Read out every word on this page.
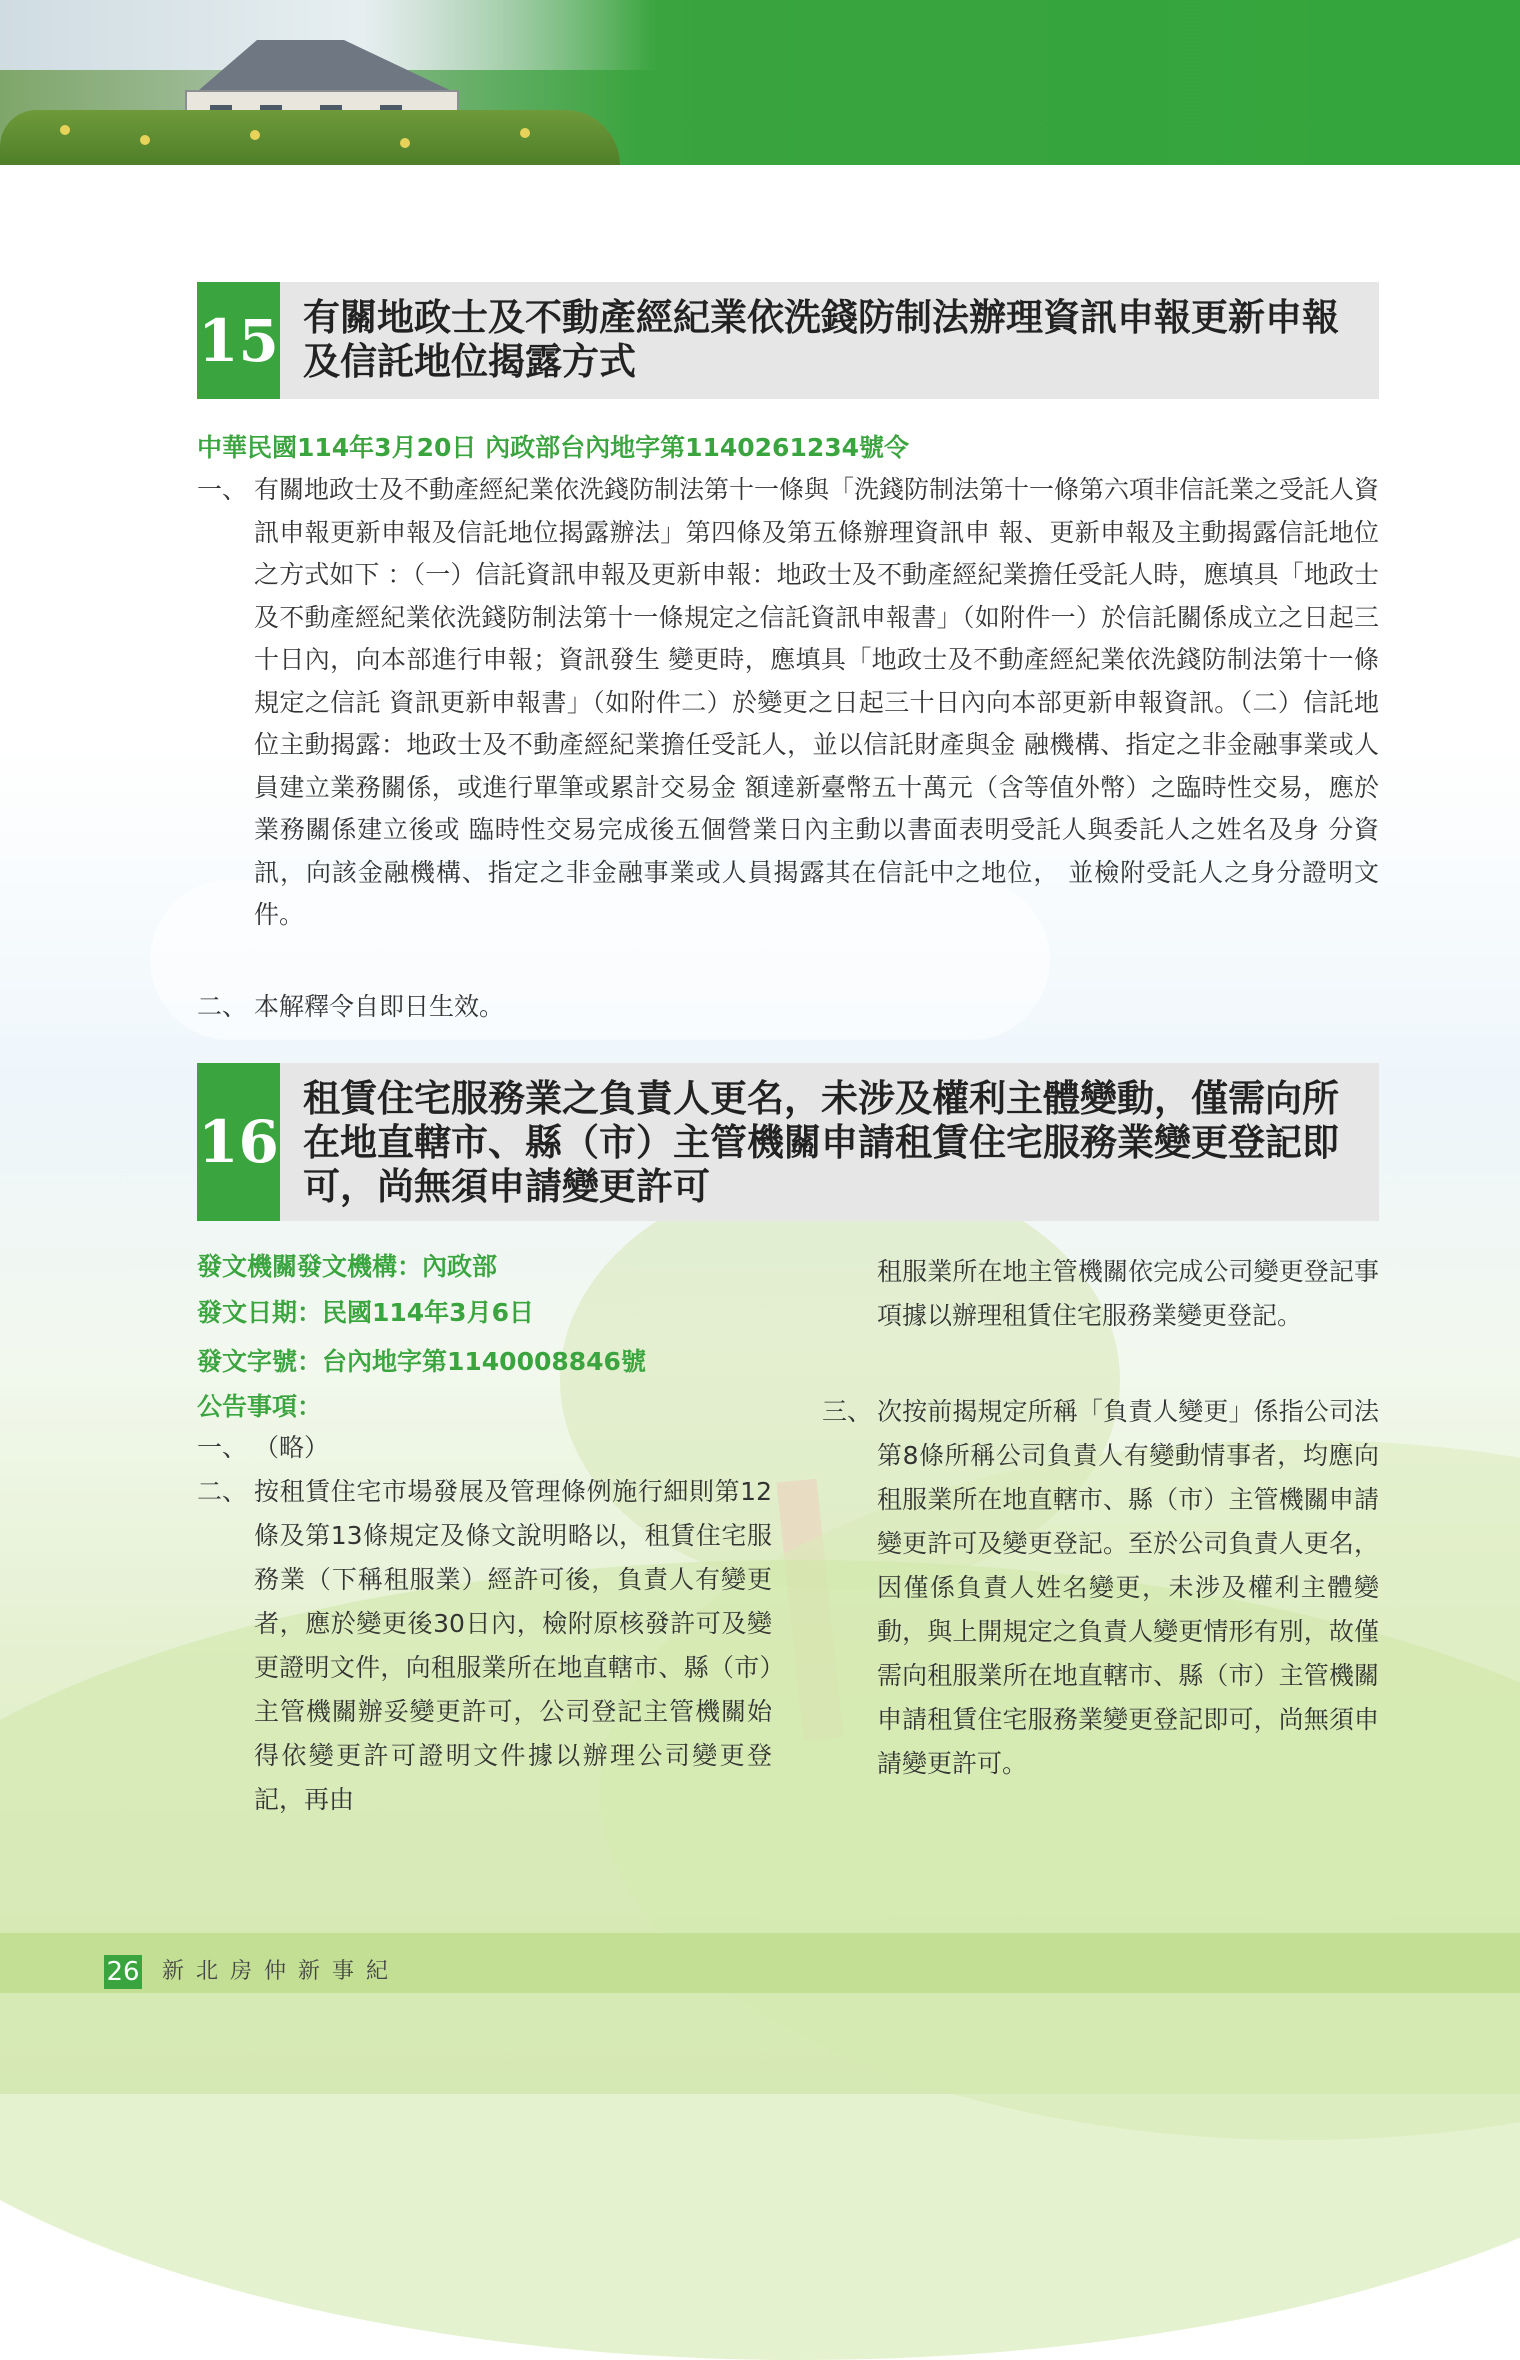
15 有關地政士及不動產經紀業依洗錢防制法辦理資訊申報更新申報及信託地位揭露方式
中華民國114年3月20日 內政部台內地字第1140261234號令
一、 有關地政士及不動產經紀業依洗錢防制法第十一條與「洗錢防制法第十一條第六項非信託業之受託人資訊申報更新申報及信託地位揭露辦法」第四條及第五條辦理資訊申 報、更新申報及主動揭露信託地位之方式如下 ：（一）信託資訊申報及更新申報：地政士及不動產經紀業擔任受託人時，應填具「地政士及不動產經紀業依洗錢防制法第十一條規定之信託資訊申報書」（如附件一）於信託關係成立之日起三十日內，向本部進行申報；資訊發生 變更時，應填具「地政士及不動產經紀業依洗錢防制法第十一條規定之信託 資訊更新申報書」（如附件二）於變更之日起三十日內向本部更新申報資訊。（二）信託地位主動揭露：地政士及不動產經紀業擔任受託人，並以信託財產與金 融機構、指定之非金融事業或人員建立業務關係，或進行單筆或累計交易金 額達新臺幣五十萬元（含等值外幣）之臨時性交易，應於業務關係建立後或 臨時性交易完成後五個營業日內主動以書面表明受託人與委託人之姓名及身 分資訊，向該金融機構、指定之非金融事業或人員揭露其在信託中之地位， 並檢附受託人之身分證明文件。
二、 本解釋令自即日生效。
16
租賃住宅服務業之負責人更名，未涉及權利主體變動，僅需向所在地直轄市、縣（市）主管機關申請租賃住宅服務業變更登記即可，尚無須申請變更許可
發文機關發文機構：內政部
發文日期：民國114年3月6日
發文字號：台內地字第1140008846號
公告事項：
一、 （略）
二、 按租賃住宅市場發展及管理條例施行細則第12條及第13條規定及條文說明略以，租賃住宅服務業（下稱租服業）經許可後，負責人有變更者，應於變更後30日內，檢附原核發許可及變更證明文件，向租服業所在地直轄市、縣（市）主管機關辦妥變更許可，公司登記主管機關始得依變更許可證明文件據以辦理公司變更登記，再由
租服業所在地主管機關依完成公司變更登記事項據以辦理租賃住宅服務業變更登記。
三、 次按前揭規定所稱「負責人變更」係指公司法第8條所稱公司負責人有變動情事者，均應向租服業所在地直轄市、縣（市）主管機關申請變更許可及變更登記。至於公司負責人更名，因僅係負責人姓名變更，未涉及權利主體變動，與上開規定之負責人變更情形有別，故僅需向租服業所在地直轄市、縣（市）主管機關申請租賃住宅服務業變更登記即可，尚無須申請變更許可。
26 新北房仲新事紀
